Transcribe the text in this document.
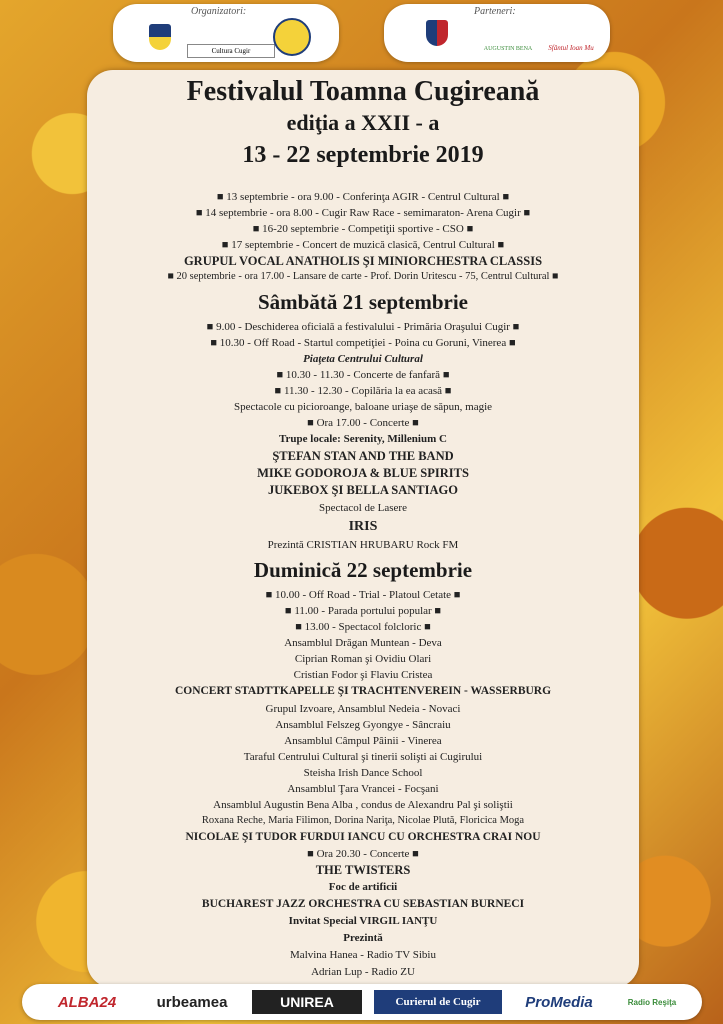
Organizatori:
Cultura Cugir
Parteneri:
AUGUSTIN BENA	Sfântul Ioan Mu
Festivalul Toamna Cugireană
ediţia a XXII - a
13 - 22 septembrie 2019
■ 13 septembrie - ora 9.00 - Conferinţa AGIR - Centrul Cultural ■
■ 14 septembrie - ora 8.00 - Cugir Raw Race - semimaraton- Arena Cugir ■
■ 16-20 septembrie - Competiţii sportive - CSO ■
■ 17 septembrie - Concert de muzică clasică, Centrul Cultural ■
GRUPUL VOCAL ANATHOLIS ŞI MINIORCHESTRA CLASSIS
■ 20 septembrie - ora 17.00 - Lansare de carte - Prof. Dorin Uritescu - 75, Centrul Cultural ■
Sâmbătă 21 septembrie
■ 9.00 - Deschiderea oficială a festivalului - Primăria Oraşului Cugir ■
■ 10.30 - Off Road - Startul competiţiei - Poina cu Goruni, Vinerea ■
Piaţeta Centrului Cultural
■ 10.30 - 11.30 - Concerte de fanfară ■
■ 11.30 - 12.30 - Copilăria la ea acasă ■
Spectacole cu picioroange, baloane uriaşe de săpun, magie
■ Ora 17.00 - Concerte ■
Trupe locale: Serenity, Millenium C
ŞTEFAN STAN AND THE BAND
MIKE GODOROJA & BLUE SPIRITS
JUKEBOX ŞI BELLA SANTIAGO
Spectacol de Lasere
IRIS
Prezintă CRISTIAN HRUBARU Rock FM
Duminică 22 septembrie
■ 10.00 - Off Road - Trial - Platoul Cetate ■
■ 11.00 - Parada portului popular ■
■ 13.00 - Spectacol folcloric ■
Ansamblul Drăgan Muntean - Deva
Ciprian Roman şi Ovidiu Olari
Cristian Fodor şi Flaviu Cristea
CONCERT STADTTKAPELLE ŞI TRACHTENVEREIN - WASSERBURG
Grupul Izvoare, Ansamblul Nedeia - Novaci
Ansamblul Felszeg Gyongye - Sâncraiu
Ansamblul Câmpul Pâinii - Vinerea
Taraful Centrului Cultural şi tinerii solişti ai Cugirului
Steisha Irish Dance School
Ansamblul Ţara Vrancei - Focşani
Ansamblul Augustin Bena Alba , condus de Alexandru Pal şi soliştii
Roxana Reche, Maria Filimon, Dorina Nariţa, Nicolae Plută, Floricica Moga
NICOLAE ŞI TUDOR FURDUI IANCU CU ORCHESTRA CRAI NOU
■ Ora 20.30 - Concerte ■
THE TWISTERS
Foc de artificii
BUCHAREST JAZZ ORCHESTRA CU SEBASTIAN BURNECI
Invitat Special VIRGIL IANŢU
Prezintă
Malvina Hanea - Radio TV Sibiu
Adrian Lup - Radio ZU
ALBA24	urbeamea	UNIREA	Curierul de Cugir	ProMedia	Radio Reşiţa
